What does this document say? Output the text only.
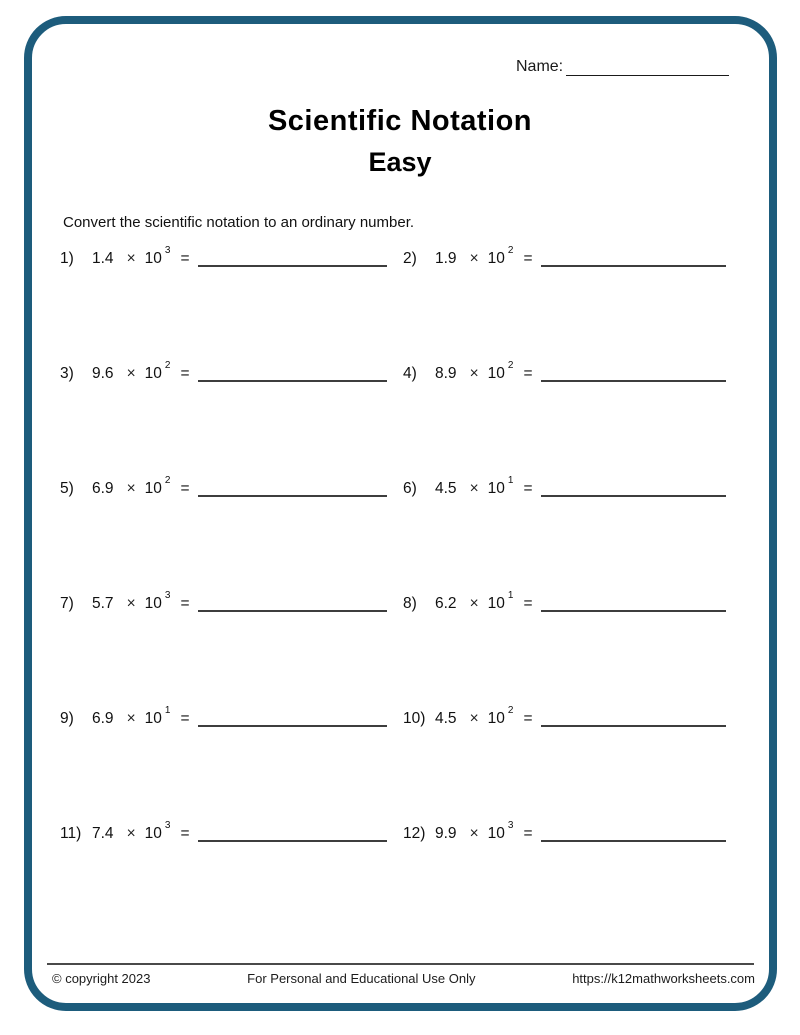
Name:
Scientific Notation
Easy
Convert the scientific notation to an ordinary number.
1)	1.4 × 10 $^3$ =	2)	1.9 × 10 $^2$ =
3)	9.6 × 10 $^2$ =	4)	8.9 × 10 $^2$ =
5)	6.9 × 10 $^2$ =	6)	4.5 × 10 $^1$ =
7)	5.7 × 10 $^3$ =	8)	6.2 × 10 $^1$ =
9)	6.9 × 10 $^1$ =	10) 4.5 × 10 $^2$ =
11) 7.4 × 10 $^3$ =	12) 9.9 × 10 $^3$ =
© copyright 2023	For Personal and Educational Use Only	https://k12mathworksheets.com
